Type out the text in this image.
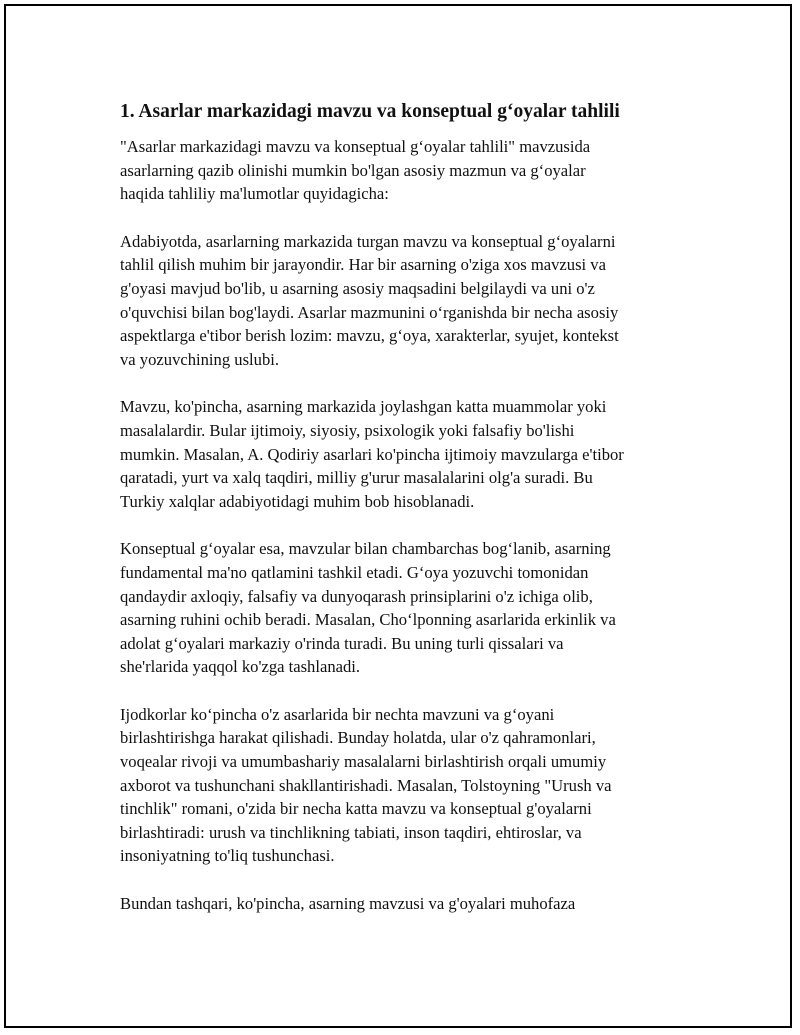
1. Asarlar markazidagi mavzu va konseptual g‘oyalar tahlili

"Asarlar markazidagi mavzu va konseptual g‘oyalar tahlili" mavzusida
asarlarning qazib olinishi mumkin bo'lgan asosiy mazmun va g‘oyalar
haqida tahliliy ma'lumotlar quyidagicha:

Adabiyotda, asarlarning markazida turgan mavzu va konseptual g‘oyalarni
tahlil qilish muhim bir jarayondir. Har bir asarning o'ziga xos mavzusi va
g'oyasi mavjud bo'lib, u asarning asosiy maqsadini belgilaydi va uni o'z
o'quvchisi bilan bog'laydi. Asarlar mazmunini o‘rganishda bir necha asosiy
aspektlarga e'tibor berish lozim: mavzu, g‘oya, xarakterlar, syujet, kontekst
va yozuvchining uslubi.

Mavzu, ko'pincha, asarning markazida joylashgan katta muammolar yoki
masalalardir. Bular ijtimoiy, siyosiy, psixologik yoki falsafiy bo'lishi
mumkin. Masalan, A. Qodiriy asarlari ko'pincha ijtimoiy mavzularga e'tibor
qaratadi, yurt va xalq taqdiri, milliy g'urur masalalarini olg'a suradi. Bu
Turkiy xalqlar adabiyotidagi muhim bob hisoblanadi.

Konseptual g‘oyalar esa, mavzular bilan chambarchas bog‘lanib, asarning
fundamental ma'no qatlamini tashkil etadi. G‘oya yozuvchi tomonidan
qandaydir axloqiy, falsafiy va dunyoqarash prinsiplarini o'z ichiga olib,
asarning ruhini ochib beradi. Masalan, Cho‘lponning asarlarida erkinlik va
adolat g‘oyalari markaziy o'rinda turadi. Bu uning turli qissalari va
she'rlarida yaqqol ko'zga tashlanadi.

Ijodkorlar ko‘pincha o'z asarlarida bir nechta mavzuni va g‘oyani
birlashtirishga harakat qilishadi. Bunday holatda, ular o'z qahramonlari,
voqealar rivoji va umumbashariy masalalarni birlashtirish orqali umumiy
axborot va tushunchani shakllantirishadi. Masalan, Tolstoyning "Urush va
tinchlik" romani, o'zida bir necha katta mavzu va konseptual g'oyalarni
birlashtiradi: urush va tinchlikning tabiati, inson taqdiri, ehtiroslar, va
insoniyatning to'liq tushunchasi.

Bundan tashqari, ko'pincha, asarning mavzusi va g'oyalari muhofaza
